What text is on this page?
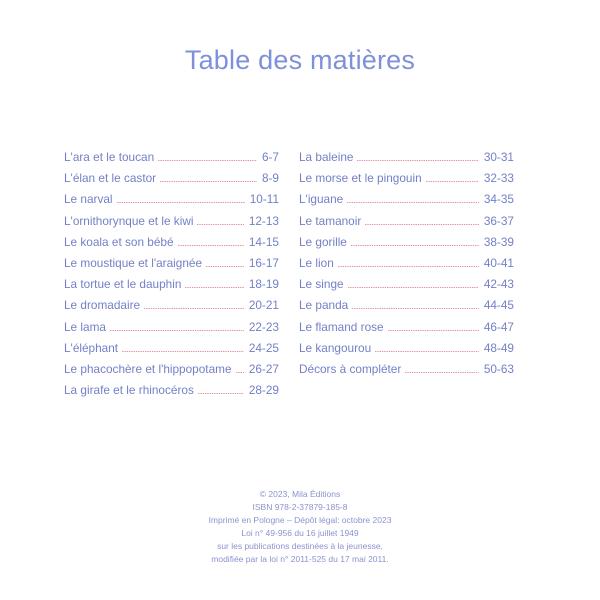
Table des matières
L'ara et le toucan	6-7
L'élan et le castor	8-9
Le narval	10-11
L'ornithorynque et le kiwi	12-13
Le koala et son bébé	14-15
Le moustique et l'araignée	16-17
La tortue et le dauphin	18-19
Le dromadaire	20-21
Le lama	22-23
L'éléphant	24-25
Le phacochère et l'hippopotame 26-27
La girafe et le rhinocéros	28-29
La baleine	30-31
Le morse et le pingouin	32-33
L'iguane	34-35
Le tamanoir	36-37
Le gorille	38-39
Le lion	40-41
Le singe	42-43
Le panda	44-45
Le flamand rose	46-47
Le kangourou	48-49
Décors à compléter	50-63
© 2023, Mila Éditions
ISBN 978-2-37879-185-8
Imprimé en Pologne – Dépôt légal: octobre 2023
Loi n° 49-956 du 16 juillet 1949
sur les publications destinées à la jeunesse,
modifiée par la loi n° 2011-525 du 17 mai 2011.
